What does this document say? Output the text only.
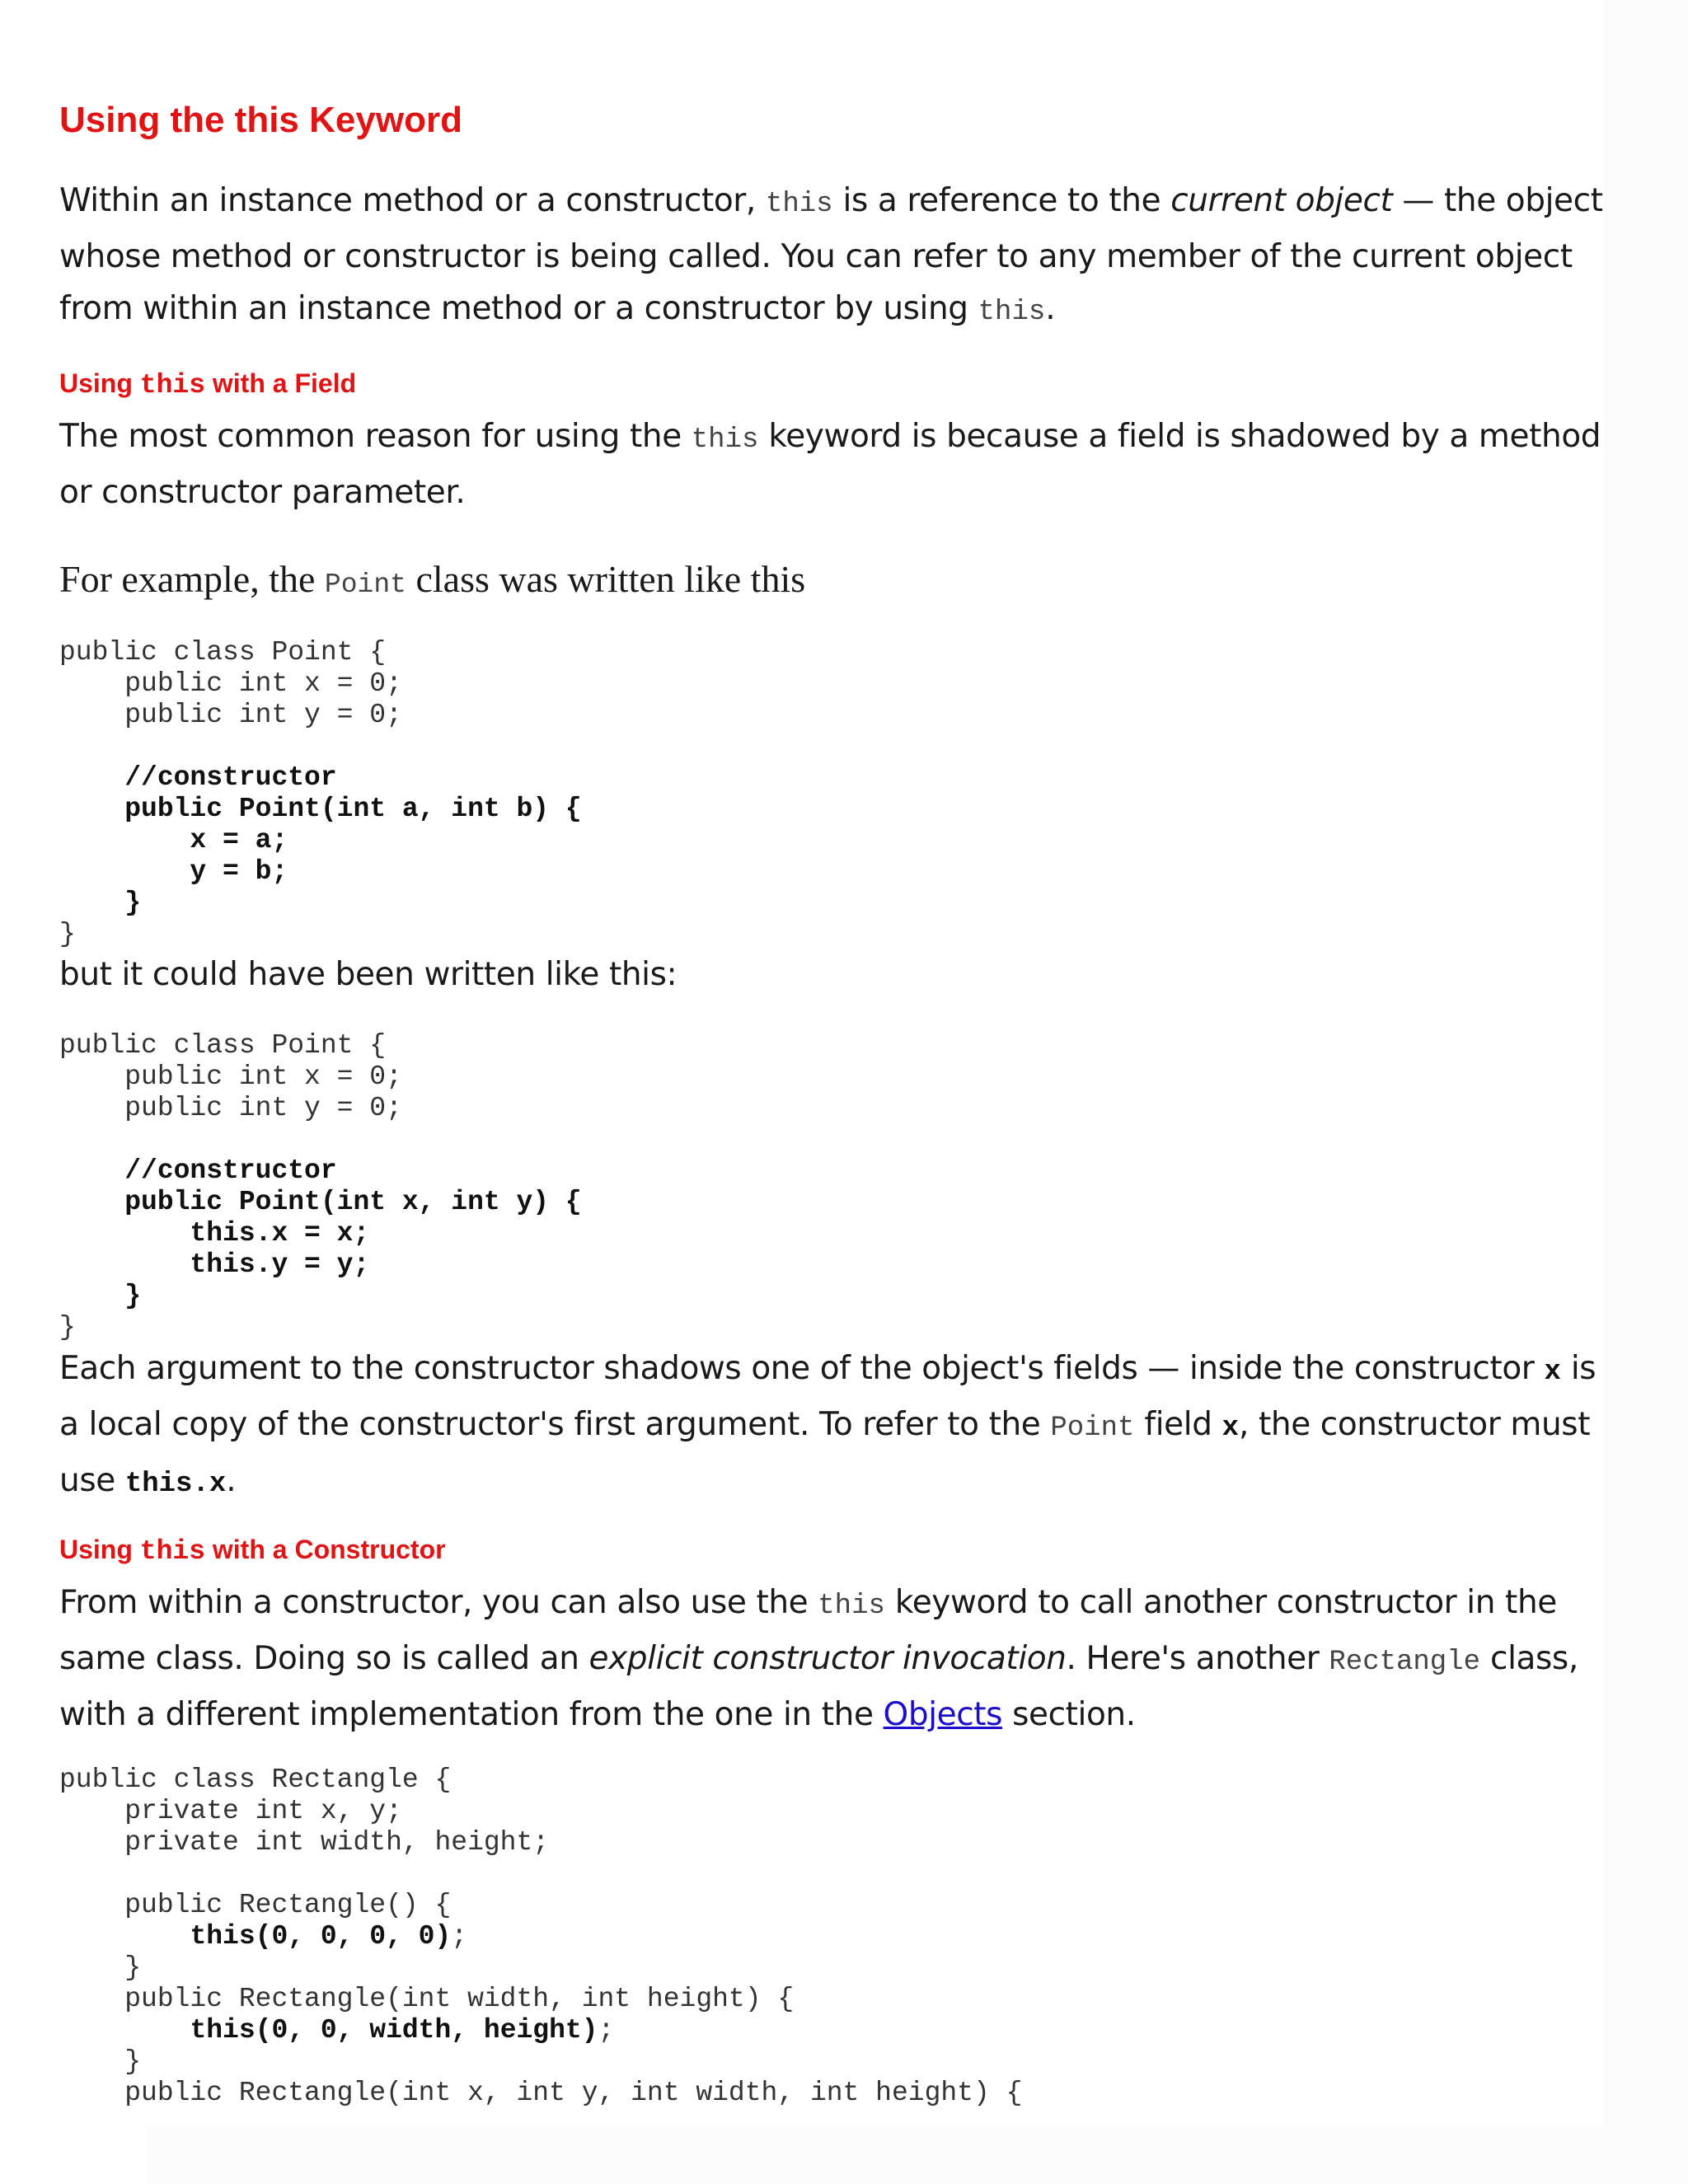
Using the this Keyword

Within an instance method or a constructor, this is a reference to the current object — the object whose method or constructor is being called. You can refer to any member of the current object from within an instance method or a constructor by using this.

Using this with a Field

The most common reason for using the this keyword is because a field is shadowed by a method or constructor parameter.

For example, the Point class was written like this

public class Point {
public int x = 0;
public int y = 0;
//constructor
public Point(int a, int b) {
x = a;
y = b;
}
}

but it could have been written like this:

public class Point {
public int x = 0;
public int y = 0;
//constructor
public Point(int x, int y) {
this.x = x;
this.y = y;
}
}

Each argument to the constructor shadows one of the object's fields — inside the constructor x is a local copy of the constructor's first argument. To refer to the Point field x, the constructor must use this.x.

Using this with a Constructor

From within a constructor, you can also use the this keyword to call another constructor in the same class. Doing so is called an explicit constructor invocation. Here's another Rectangle class, with a different implementation from the one in the Objects section.

public class Rectangle {
private int x, y;
private int width, height;
public Rectangle() {
this(0, 0, 0, 0);
}
public Rectangle(int width, int height) {
this(0, 0, width, height);
}
public Rectangle(int x, int y, int width, int height) {
